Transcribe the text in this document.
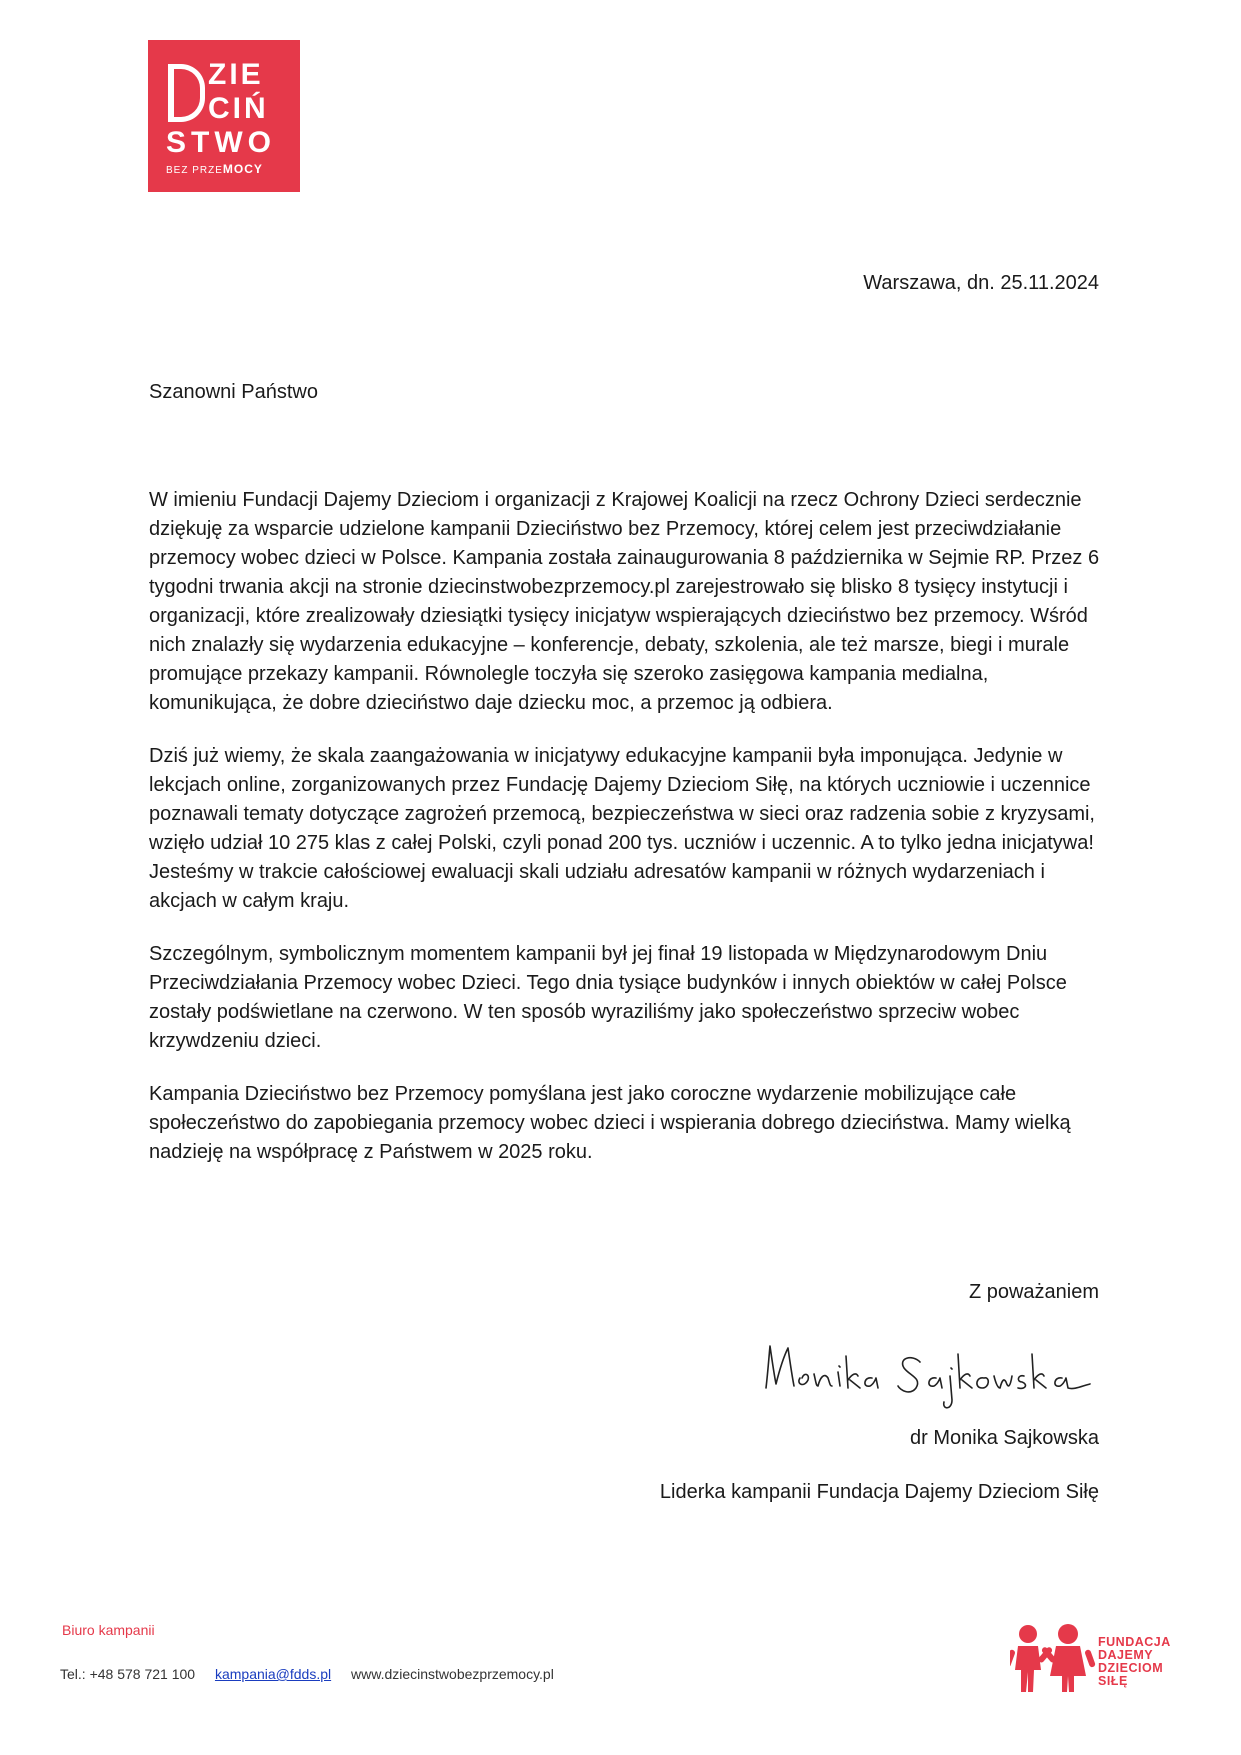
ZIE
CIŃ
STWO
BEZ PRZEMOCY
Warszawa, dn. 25.11.2024
Szanowni Państwo

W imieniu Fundacji Dajemy Dzieciom i organizacji z Krajowej Koalicji na rzecz Ochrony Dzieci serdecznie dziękuję za wsparcie udzielone kampanii Dzieciństwo bez Przemocy, której celem jest przeciwdziałanie przemocy wobec dzieci w Polsce. Kampania została zainaugurowania 8 października w Sejmie RP. Przez 6 tygodni trwania akcji na stronie dziecinstwobezprzemocy.pl zarejestrowało się blisko 8 tysięcy instytucji i organizacji, które zrealizowały dziesiątki tysięcy inicjatyw wspierających dzieciństwo bez przemocy. Wśród nich znalazły się wydarzenia edukacyjne – konferencje, debaty, szkolenia, ale też marsze, biegi i murale promujące przekazy kampanii. Równolegle toczyła się szeroko zasięgowa kampania medialna, komunikująca, że dobre dzieciństwo daje dziecku moc, a przemoc ją odbiera.

Dziś już wiemy, że skala zaangażowania w inicjatywy edukacyjne kampanii była imponująca. Jedynie w lekcjach online, zorganizowanych przez Fundację Dajemy Dzieciom Siłę, na których uczniowie i uczennice poznawali tematy dotyczące zagrożeń przemocą, bezpieczeństwa w sieci oraz radzenia sobie z kryzysami, wzięło udział 10 275 klas z całej Polski, czyli ponad 200 tys. uczniów i uczennic. A to tylko jedna inicjatywa! Jesteśmy w trakcie całościowej ewaluacji skali udziału adresatów kampanii w różnych wydarzeniach i akcjach w całym kraju.

Szczególnym, symbolicznym momentem kampanii był jej finał 19 listopada w Międzynarodowym Dniu Przeciwdziałania Przemocy wobec Dzieci. Tego dnia tysiące budynków i innych obiektów w całej Polsce zostały podświetlane na czerwono. W ten sposób wyraziliśmy jako społeczeństwo sprzeciw wobec krzywdzeniu dzieci.

Kampania Dzieciństwo bez Przemocy pomyślana jest jako coroczne wydarzenie mobilizujące całe społeczeństwo do zapobiegania przemocy wobec dzieci i wspierania dobrego dzieciństwa. Mamy wielką nadzieję na współpracę z Państwem w 2025 roku.

Z poważaniem
dr Monika Sajkowska
Liderka kampanii Fundacja Dajemy Dzieciom Siłę
Biuro kampanii
Tel.: +48 578 721 100 kampania@fdds.pl www.dziecinstwobezprzemocy.pl
FUNDACJA
DAJEMY
DZIECIOM
SIŁĘ
